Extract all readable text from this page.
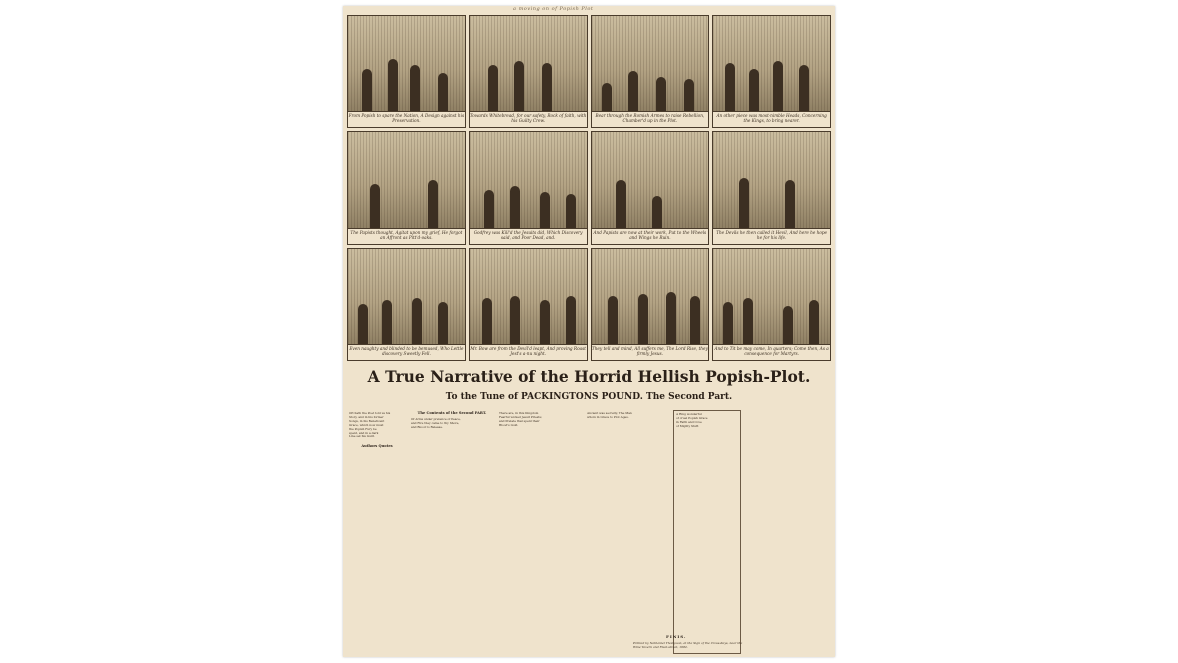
a moving on of Popish Plot
From Popish to spare the Nation, A Design against his Preservation.
Towards Whitebread, for our safety, Rock of faith, with his Guilty Crew.
Bear through the Romish Armes to raise Rebellion, Chamber'd up in the Plot.
An other piece was most-nimble Heads, Concerning the Kings, to bring nearer.
The Papists thought, Agitat upon my grief, He forgot an Affront as Pitt'd-oaks.
Godfrey was Kill'd the Jesuits did, Which Discovery said, and Poor Dead, and.
And Papists are now at their work, Put to the Wheels and Wings he Ruin.
The Devils he then called it Hevil, And here he hope he for his life.
Even naughty and blinded to be bemused, Who Lettle discovery Sweetly Fell.
Mr. Bow are from the Devil'd leapt, And proving Roast Jest's a-nu night.
They tell and mind, All suffers me, The Lord Rise, they firmly Jesus.
And to Tit be may come, In quarters; Come then, As a consequence for Martyrs.
A True Narrative of the Horrid Hellish Popish-Plot.
To the Tune of PACKINGTONS POUND. The Second Part.
Oft hath the Poet told us his
Story, and in his former
Songs, in his Beneficent
Grace, which now must
the Popish Fury be
spent, and in a dark
Line set his Guilt.
Authors Quotes
The Contents of the Second PART.
Of Arms under pretence of Peace,
and Fire they came to thy Shore,
and Blood to Release.
There are, in this Kingdom
Fearful wicked Jesuit Priests;
and Prelate that spent their
Blood's Gold.
Ancient was secretly, The Man
whom in Grace to Plot Ages.
A Ring wonderful
of cruel Popish Grace
in Faith and Cove
of Mighty Stuff.
FINIS.
Printed by Nathaniel Thompson, at the Sign of the Cross-Keys, near the Wine Tavern and Fleet-street, 1682.
